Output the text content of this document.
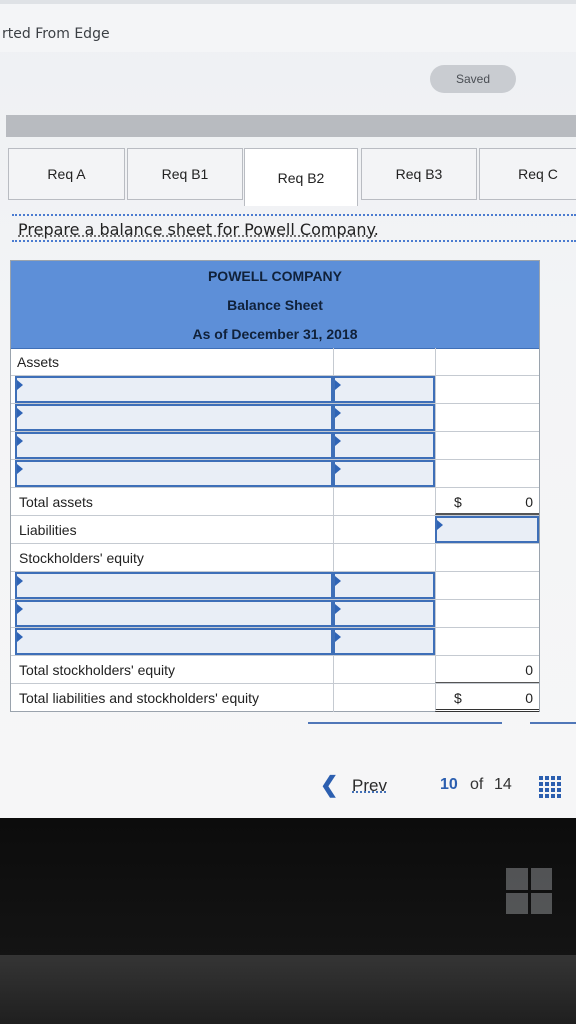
rted From Edge
Saved
Req A	Req B1	Req B2	Req B3	Req C
Prepare a balance sheet for Powell Company.
POWELL COMPANY
Balance Sheet
As of December 31, 2018
Assets
Total assets	$	0
Liabilities
Stockholders' equity
Total stockholders' equity	0
Total liabilities and stockholders' equity	$	0
❮ Prev	10 of 14
